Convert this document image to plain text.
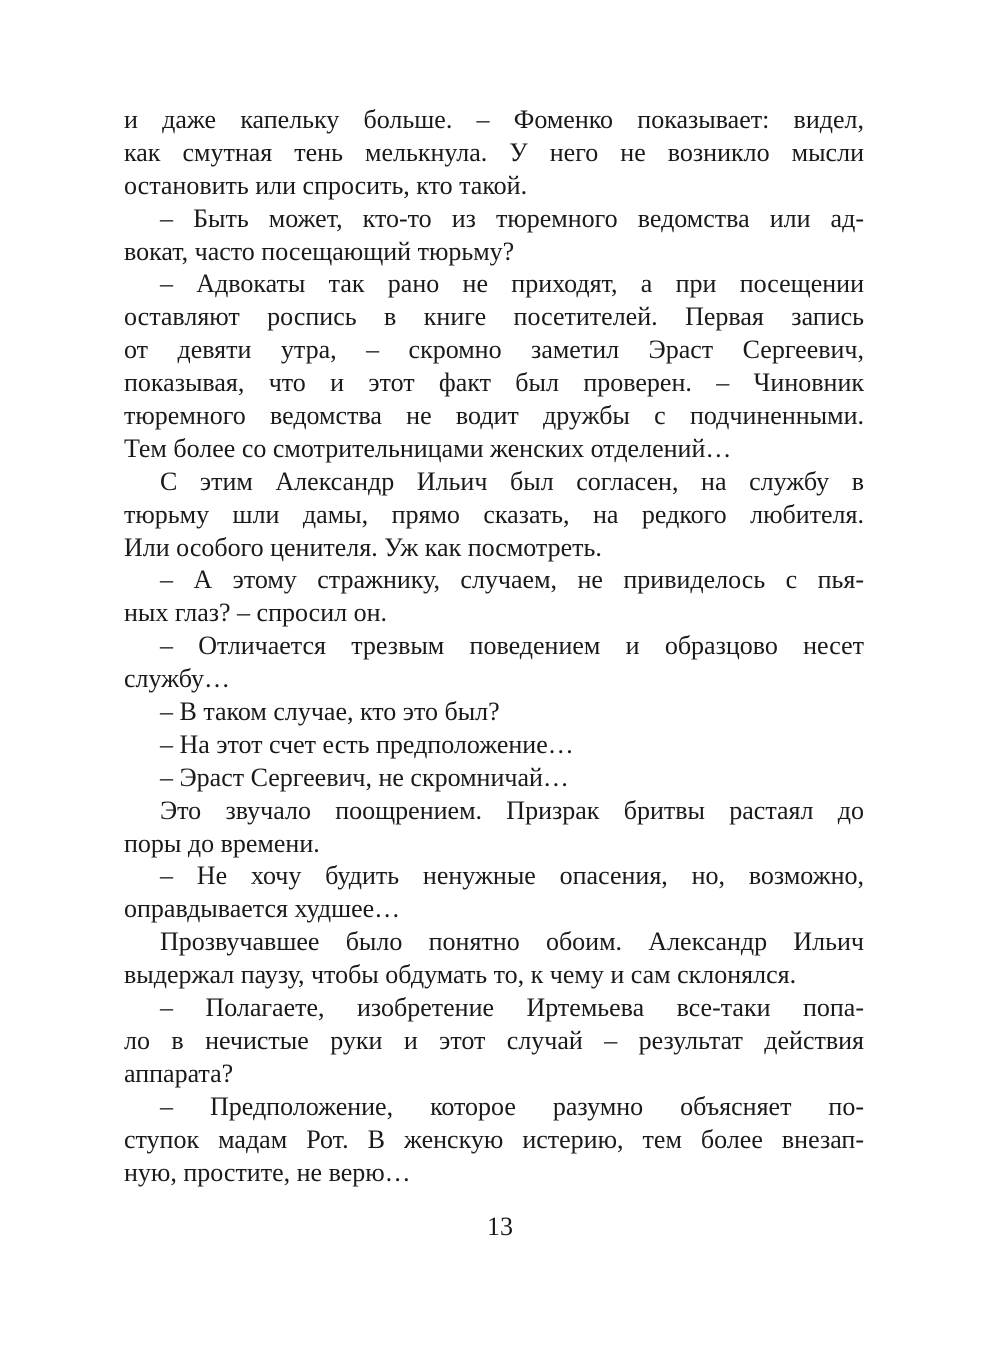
и даже капельку больше. – Фоменко показывает: видел,
как смутная тень мелькнула. У него не возникло мысли
остановить или спросить, кто такой.
– Быть может, кто-то из тюремного ведомства или ад-
вокат, часто посещающий тюрьму?
– Адвокаты так рано не приходят, а при посещении
оставляют роспись в книге посетителей. Первая запись
от девяти утра, – скромно заметил Эраст Сергеевич,
показывая, что и этот факт был проверен. – Чиновник
тюремного ведомства не водит дружбы с подчиненными.
Тем более со смотрительницами женских отделений…
С этим Александр Ильич был согласен, на службу в
тюрьму шли дамы, прямо сказать, на редкого любителя.
Или особого ценителя. Уж как посмотреть.
– А этому стражнику, случаем, не привиделось с пья-
ных глаз? – спросил он.
– Отличается трезвым поведением и образцово несет
службу…
– В таком случае, кто это был?
– На этот счет есть предположение…
– Эраст Сергеевич, не скромничай…
Это звучало поощрением. Призрак бритвы растаял до
поры до времени.
– Не хочу будить ненужные опасения, но, возможно,
оправдывается худшее…
Прозвучавшее было понятно обоим. Александр Ильич
выдержал паузу, чтобы обдумать то, к чему и сам склонялся.
– Полагаете, изобретение Иртемьева все-таки попа-
ло в нечистые руки и этот случай – результат действия
аппарата?
– Предположение, которое разумно объясняет по-
ступок мадам Рот. В женскую истерию, тем более внезап-
ную, простите, не верю…
13
